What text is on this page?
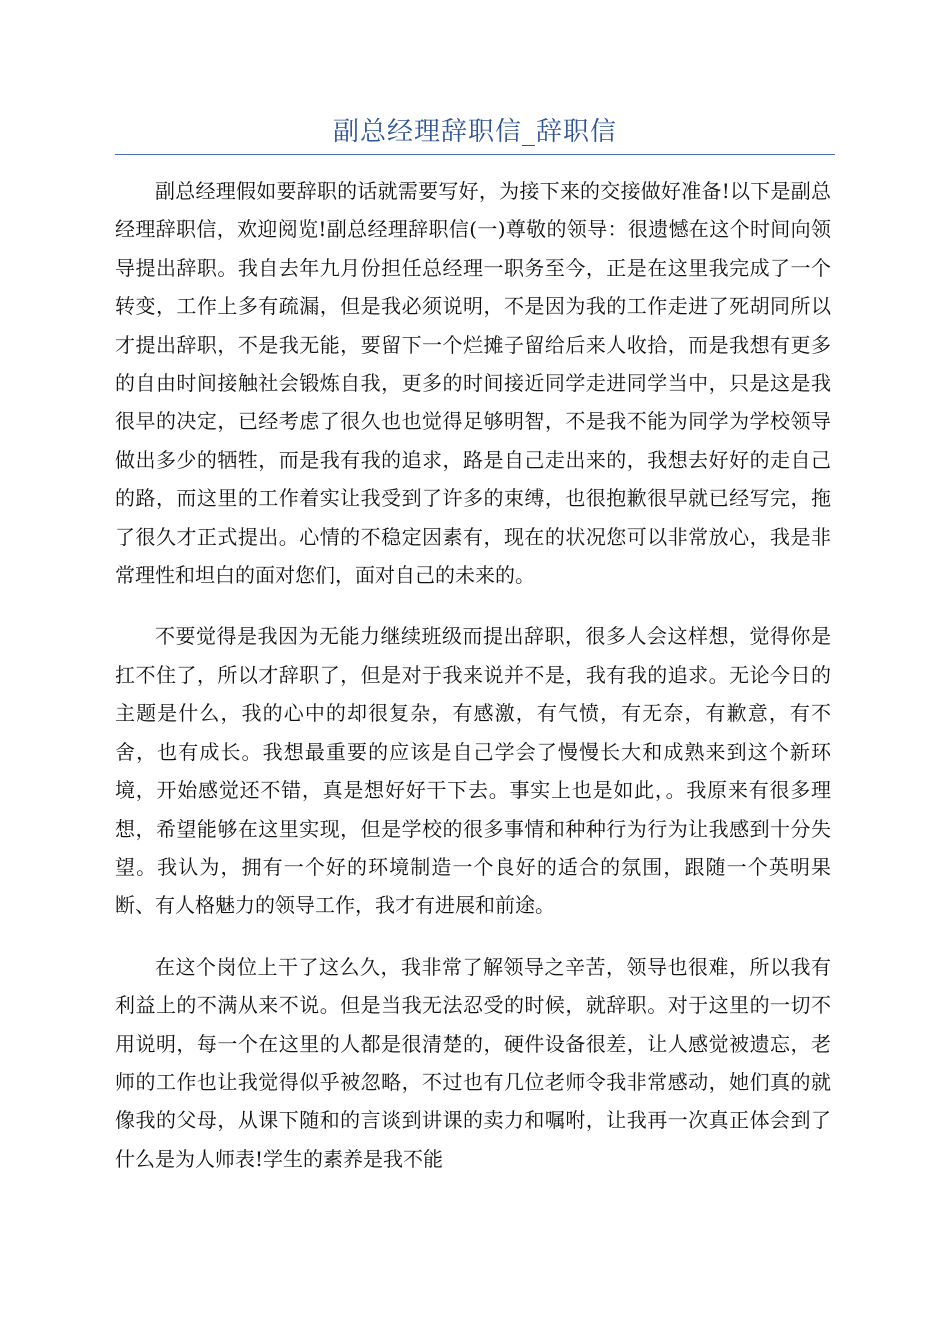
副总经理辞职信_辞职信

副总经理假如要辞职的话就需要写好，为接下来的交接做好准备!以下是副总经理辞职信，欢迎阅览!副总经理辞职信(一)尊敬的领导：很遗憾在这个时间向领导提出辞职。我自去年九月份担任总经理一职务至今，正是在这里我完成了一个转变，工作上多有疏漏，但是我必须说明，不是因为我的工作走进了死胡同所以才提出辞职，不是我无能，要留下一个烂摊子留给后来人收拾，而是我想有更多的自由时间接触社会锻炼自我，更多的时间接近同学走进同学当中，只是这是我很早的决定，已经考虑了很久也也觉得足够明智，不是我不能为同学为学校领导做出多少的牺牲，而是我有我的追求，路是自己走出来的，我想去好好的走自己的路，而这里的工作着实让我受到了许多的束缚，也很抱歉很早就已经写完，拖了很久才正式提出。心情的不稳定因素有，现在的状况您可以非常放心，我是非常理性和坦白的面对您们，面对自己的未来的。

不要觉得是我因为无能力继续班级而提出辞职，很多人会这样想，觉得你是扛不住了，所以才辞职了，但是对于我来说并不是，我有我的追求。无论今日的主题是什么，我的心中的却很复杂，有感激，有气愤，有无奈，有歉意，有不舍，也有成长。我想最重要的应该是自己学会了慢慢长大和成熟来到这个新环境，开始感觉还不错，真是想好好干下去。事实上也是如此，。我原来有很多理想，希望能够在这里实现，但是学校的很多事情和种种行为行为让我感到十分失望。我认为，拥有一个好的环境制造一个良好的适合的氛围，跟随一个英明果断、有人格魅力的领导工作，我才有进展和前途。

在这个岗位上干了这么久，我非常了解领导之辛苦，领导也很难，所以我有利益上的不满从来不说。但是当我无法忍受的时候，就辞职。对于这里的一切不用说明，每一个在这里的人都是很清楚的，硬件设备很差，让人感觉被遗忘，老师的工作也让我觉得似乎被忽略，不过也有几位老师令我非常感动，她们真的就像我的父母，从课下随和的言谈到讲课的卖力和嘱咐，让我再一次真正体会到了什么是为人师表!学生的素养是我不能
